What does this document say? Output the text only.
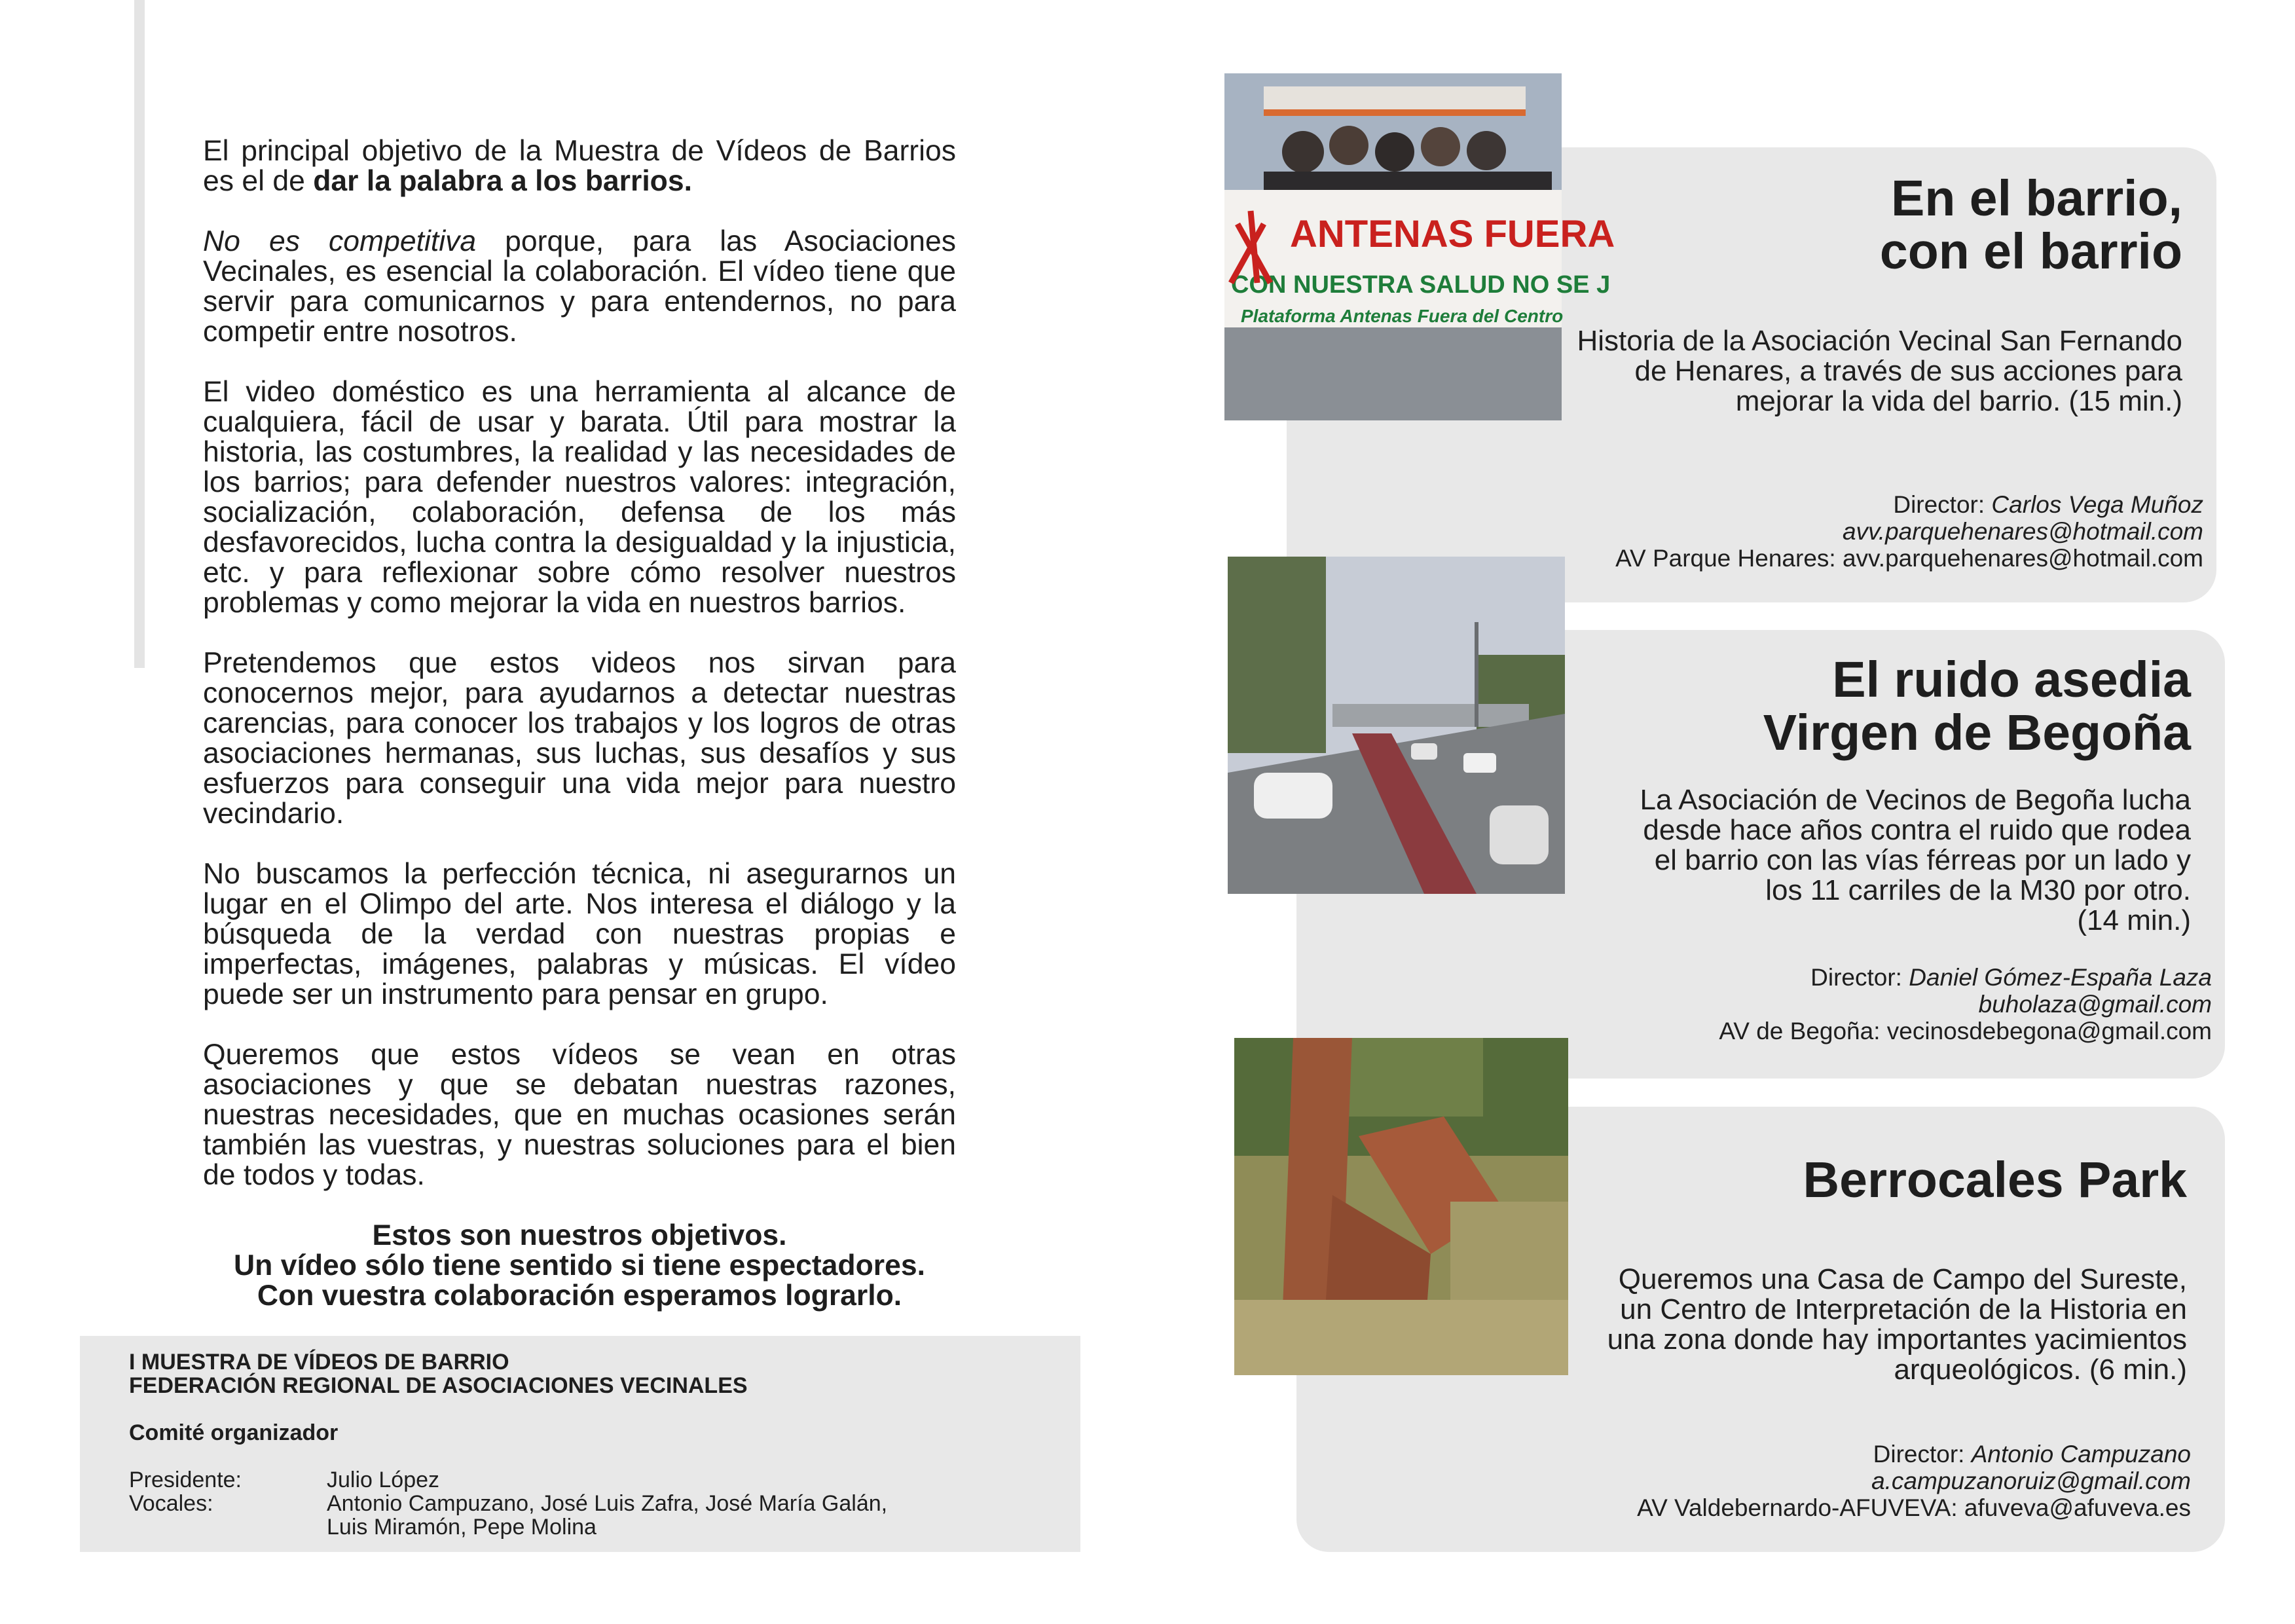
El principal objetivo de la Muestra de Vídeos de Barrios es el de dar la palabra a los barrios.

No es competitiva porque, para las Asociaciones Vecinales, es esencial la colaboración. El vídeo tiene que servir para comunicarnos y para entendernos, no para competir entre nosotros.

El video doméstico es una herramienta al alcance de cualquiera, fácil de usar y barata. Útil para mostrar la historia, las costumbres, la realidad y las necesidades de los barrios; para defender nuestros valores: integración, socialización, colaboración, defensa de los más desfavorecidos, lucha contra la desigualdad y la injusticia, etc. y para reflexionar sobre cómo resolver nuestros problemas y como mejorar la vida en nuestros barrios.

Pretendemos que estos videos nos sirvan para conocernos mejor, para ayudarnos a detectar nuestras carencias, para conocer los trabajos y los logros de otras asociaciones hermanas, sus luchas, sus desafíos y sus esfuerzos para conseguir una vida mejor para nuestro vecindario.

No buscamos la perfección técnica, ni asegurarnos un lugar en el Olimpo del arte. Nos interesa el diálogo y la búsqueda de la verdad con nuestras propias e imperfectas, imágenes, palabras y músicas. El vídeo puede ser un instrumento para pensar en grupo.

Queremos que estos vídeos se vean en otras asociaciones y que se debatan nuestras razones, nuestras necesidades, que en muchas ocasiones serán también las vuestras, y nuestras soluciones para el bien de todos y todas.

Estos son nuestros objetivos.
Un vídeo sólo tiene sentido si tiene espectadores.
Con vuestra colaboración esperamos lograrlo.
I MUESTRA DE VÍDEOS DE BARRIO
FEDERACIÓN REGIONAL DE ASOCIACIONES VECINALES
Comité organizador
Presidente:	Julio López
Vocales:	Antonio Campuzano, José Luis Zafra, José María Galán,
Luis Miramón, Pepe Molina
En el barrio,
con el barrio
Historia de la Asociación Vecinal San Fernando
de Henares, a través de sus acciones para
mejorar la vida del barrio. (15 min.)
Director: Carlos Vega Muñoz
avv.parquehenares@hotmail.com
AV Parque Henares: avv.parquehenares@hotmail.com
ANTENAS FUERA
CON NUESTRA SALUD NO SE J
Plataforma Antenas Fuera del Centro
El ruido asedia
Virgen de Begoña
La Asociación de Vecinos de Begoña lucha
desde hace años contra el ruido que rodea
el barrio con las vías férreas por un lado y
los 11 carriles de la M30 por otro.
(14 min.)
Director: Daniel Gómez-España Laza
buholaza@gmail.com
AV de Begoña: vecinosdebegona@gmail.com
Berrocales Park
Queremos una Casa de Campo del Sureste,
un Centro de Interpretación de la Historia en
una zona donde hay importantes yacimientos
arqueológicos. (6 min.)
Director: Antonio Campuzano
a.campuzanoruiz@gmail.com
AV Valdebernardo-AFUVEVA: afuveva@afuveva.es
